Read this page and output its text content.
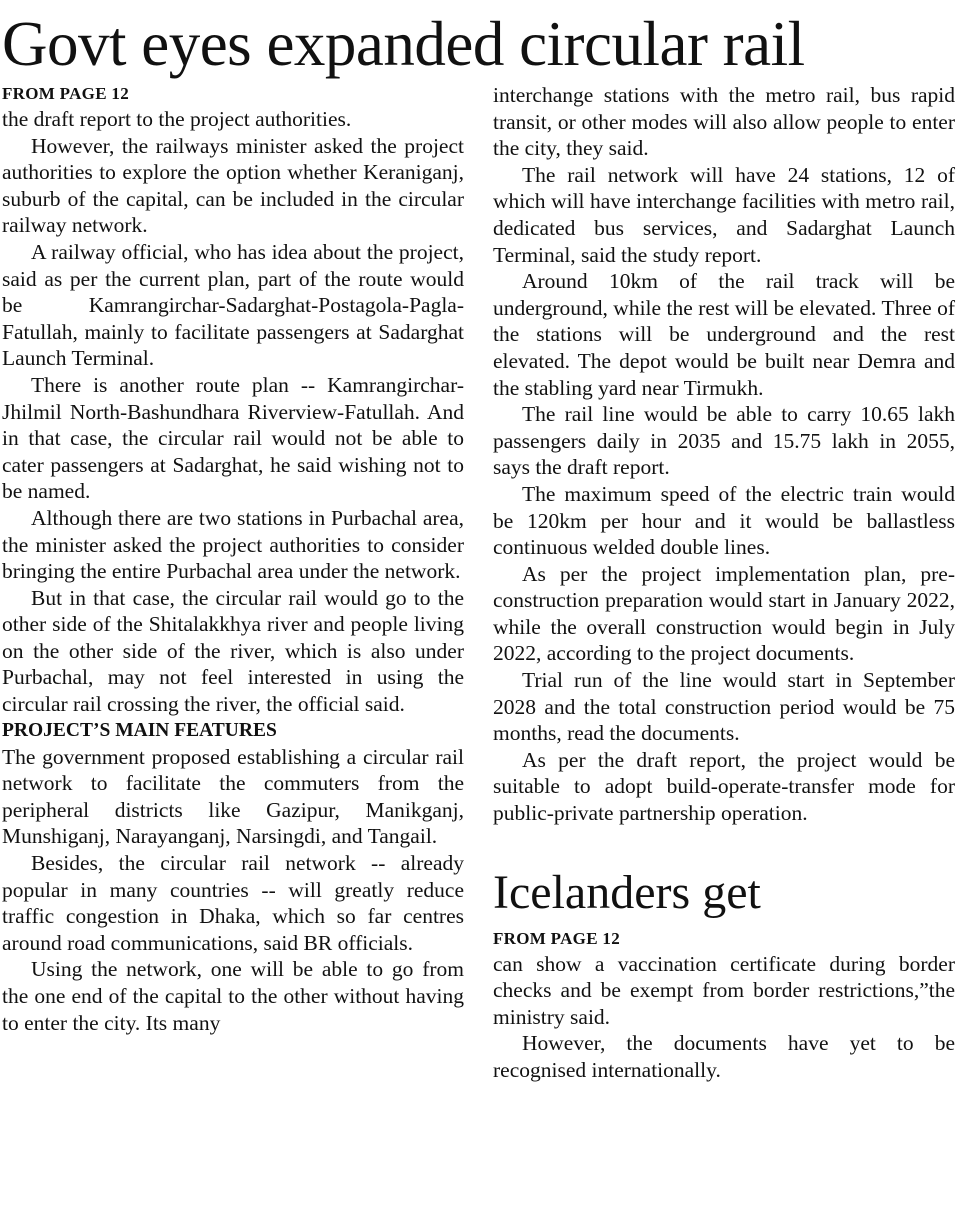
Govt eyes expanded circular rail
FROM PAGE 12

the draft report to the project authorities.

However, the railways minister asked the project authorities to explore the option whether Keraniganj, suburb of the capital, can be included in the circular railway network.

A railway official, who has idea about the project, said as per the current plan, part of the route would be Kamrangirchar-Sadarghat-Postagola-Pagla-Fatullah, mainly to facilitate passengers at Sadarghat Launch Terminal.

There is another route plan -- Kamrangirchar-Jhilmil North-Bashundhara Riverview-Fatullah. And in that case, the circular rail would not be able to cater passengers at Sadarghat, he said wishing not to be named.

Although there are two stations in Purbachal area, the minister asked the project authorities to consider bringing the entire Purbachal area under the network.

But in that case, the circular rail would go to the other side of the Shitalakkhya river and people living on the other side of the river, which is also under Purbachal, may not feel interested in using the circular rail crossing the river, the official said.

PROJECT’S MAIN FEATURES

The government proposed establishing a circular rail network to facilitate the commuters from the peripheral districts like Gazipur, Manikganj, Munshiganj, Narayanganj, Narsingdi, and Tangail.

Besides, the circular rail network -- already popular in many countries -- will greatly reduce traffic congestion in Dhaka, which so far centres around road communications, said BR officials.

Using the network, one will be able to go from the one end of the capital to the other without having to enter the city. Its many

interchange stations with the metro rail, bus rapid transit, or other modes will also allow people to enter the city, they said.

The rail network will have 24 stations, 12 of which will have interchange facilities with metro rail, dedicated bus services, and Sadarghat Launch Terminal, said the study report.

Around 10km of the rail track will be underground, while the rest will be elevated. Three of the stations will be underground and the rest elevated. The depot would be built near Demra and the stabling yard near Tirmukh.

The rail line would be able to carry 10.65 lakh passengers daily in 2035 and 15.75 lakh in 2055, says the draft report.

The maximum speed of the electric train would be 120km per hour and it would be ballastless continuous welded double lines.

As per the project implementation plan, pre-construction preparation would start in January 2022, while the overall construction would begin in July 2022, according to the project documents.

Trial run of the line would start in September 2028 and the total construction period would be 75 months, read the documents.

As per the draft report, the project would be suitable to adopt build-operate-transfer mode for public-private partnership operation.

Icelanders get
FROM PAGE 12

can show a vaccination certificate during border checks and be exempt from border restrictions,”the ministry said.

However, the documents have yet to be recognised internationally.
